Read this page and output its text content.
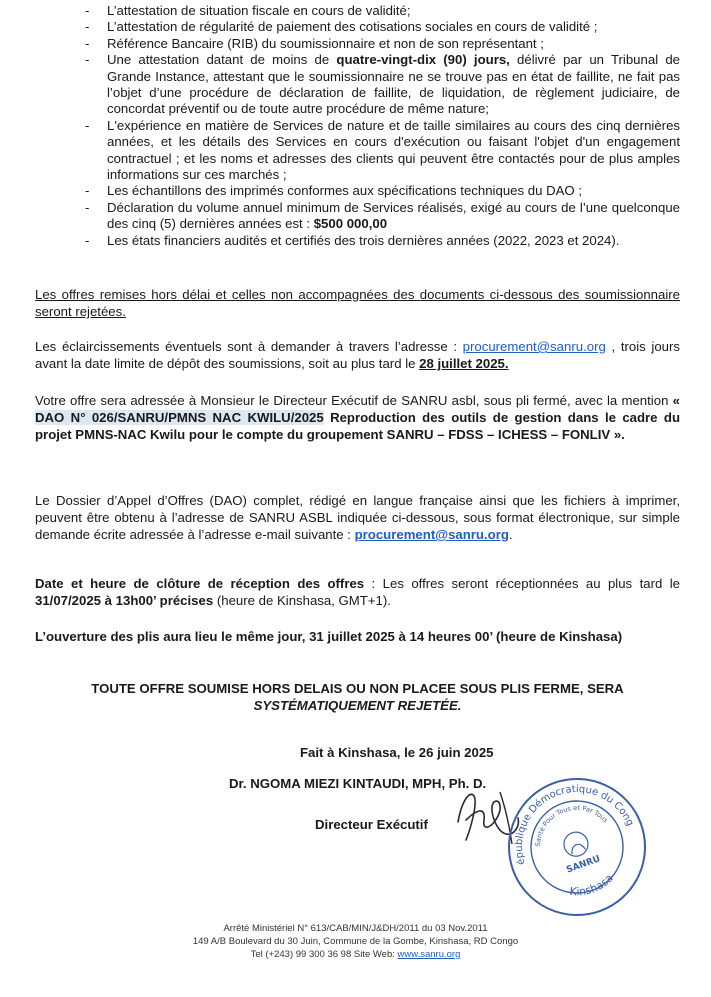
- L’attestation de situation fiscale en cours de validité;
- L’attestation de régularité de paiement des cotisations sociales en cours de validité ;
- Référence Bancaire (RIB) du soumissionnaire et non de son représentant ;
- Une attestation datant de moins de quatre-vingt-dix (90) jours, délivré par un Tribunal de Grande Instance, attestant que le soumissionnaire ne se trouve pas en état de faillite, ne fait pas l’objet d’une procédure de déclaration de faillite, de liquidation, de règlement judiciaire, de concordat préventif ou de toute autre procédure de même nature;
- L'expérience en matière de Services de nature et de taille similaires au cours des cinq dernières années, et les détails des Services en cours d'exécution ou faisant l'objet d'un engagement contractuel ; et les noms et adresses des clients qui peuvent être contactés pour de plus amples informations sur ces marchés ;
- Les échantillons des imprimés conformes aux spécifications techniques du DAO ;
- Déclaration du volume annuel minimum de Services réalisés, exigé au cours de l’une quelconque des cinq (5) dernières années est : $500 000,00
- Les états financiers audités et certifiés des trois dernières années (2022, 2023 et 2024).

Les offres remises hors délai et celles non accompagnées des documents ci-dessous des soumissionnaire seront rejetées.

Les éclaircissements éventuels sont à demander à travers l’adresse : procurement@sanru.org , trois jours avant la date limite de dépôt des soumissions, soit au plus tard le 28 juillet 2025.

Votre offre sera adressée à Monsieur le Directeur Exécutif de SANRU asbl, sous pli fermé, avec la mention « DAO N° 026/SANRU/PMNS NAC KWILU/2025 Reproduction des outils de gestion dans le cadre du projet PMNS-NAC Kwilu pour le compte du groupement SANRU – FDSS – ICHESS – FONLIV ».

Le Dossier d’Appel d’Offres (DAO) complet, rédigé en langue française ainsi que les fichiers à imprimer, peuvent être obtenu à l’adresse de SANRU ASBL indiquée ci-dessous, sous format électronique, sur simple demande écrite adressée à l’adresse e-mail suivante : procurement@sanru.org.

Date et heure de clôture de réception des offres : Les offres seront réceptionnées au plus tard le 31/07/2025 à 13h00’ précises (heure de Kinshasa, GMT+1).

L’ouverture des plis aura lieu le même jour, 31 juillet 2025 à 14 heures 00’ (heure de Kinshasa)

TOUTE OFFRE SOUMISE HORS DELAIS OU NON PLACEE SOUS PLIS FERME, SERA
SYSTÉMATIQUEMENT REJETÉE.
Fait à Kinshasa, le 26 juin 2025
Dr. NGOMA MIEZI KINTAUDI, MPH, Ph. D.
Directeur Exécutif
République Démocratique du Congo
Santé Pour Tous et Par Tous
SANRU
Kinshasa
Arrêté Ministériel N° 613/CAB/MIN/J&DH/2011 du 03 Nov.2011
149 A/B Boulevard du 30 Juin, Commune de la Gombe, Kinshasa, RD Congo
Tel (+243) 99 300 36 98 Site Web: www.sanru.org
